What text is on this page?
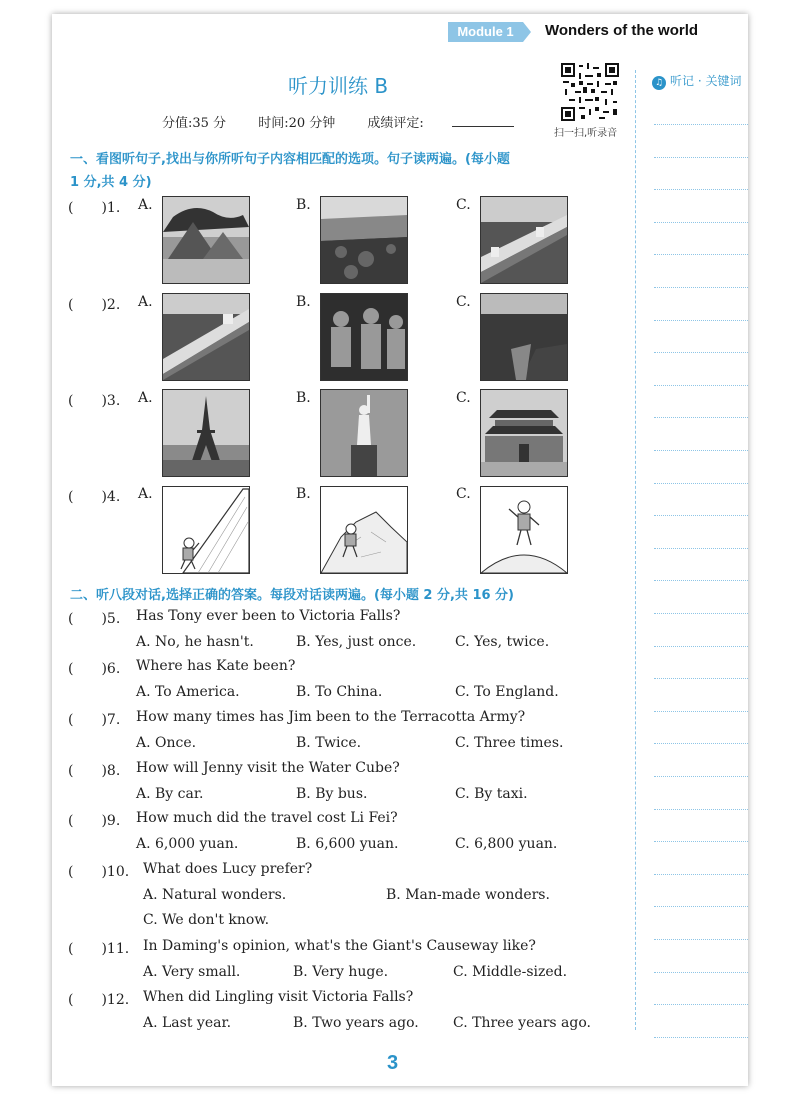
Module 1	Wonders of the world
听力训练 B
分值:35 分 时间:20 分钟 成绩评定:
扫一扫,听录音
♫ 听记 · 关键词
一、看图听句子,找出与你所听句子内容相匹配的选项。句子读两遍。(每小题
1 分,共 4 分)
(　　)1. A.	B.	C.
(　　)2. A.	B.	C.
(　　)3. A.	B.	C.
(　　)4. A.	B.	C.
二、听八段对话,选择正确的答案。每段对话读两遍。(每小题 2 分,共 16 分)
(　　)5. Has Tony ever been to Victoria Falls?
A. No, he hasn't.	B. Yes, just once.	C. Yes, twice.
(　　)6. Where has Kate been?
A. To America.	B. To China.	C. To England.
(　　)7. How many times has Jim been to the Terracotta Army?
A. Once.	B. Twice.	C. Three times.
(　　)8. How will Jenny visit the Water Cube?
A. By car.	B. By bus.	C. By taxi.
(　　)9. How much did the travel cost Li Fei?
A. 6,000 yuan.	B. 6,600 yuan.	C. 6,800 yuan.
(　　)10. What does Lucy prefer?
A. Natural wonders.	B. Man-made wonders.
C. We don't know.
(　　)11. In Daming's opinion, what's the Giant's Causeway like?
A. Very small.	B. Very huge.	C. Middle-sized.
(　　)12. When did Lingling visit Victoria Falls?
A. Last year.	B. Two years ago. C. Three years ago.
3
